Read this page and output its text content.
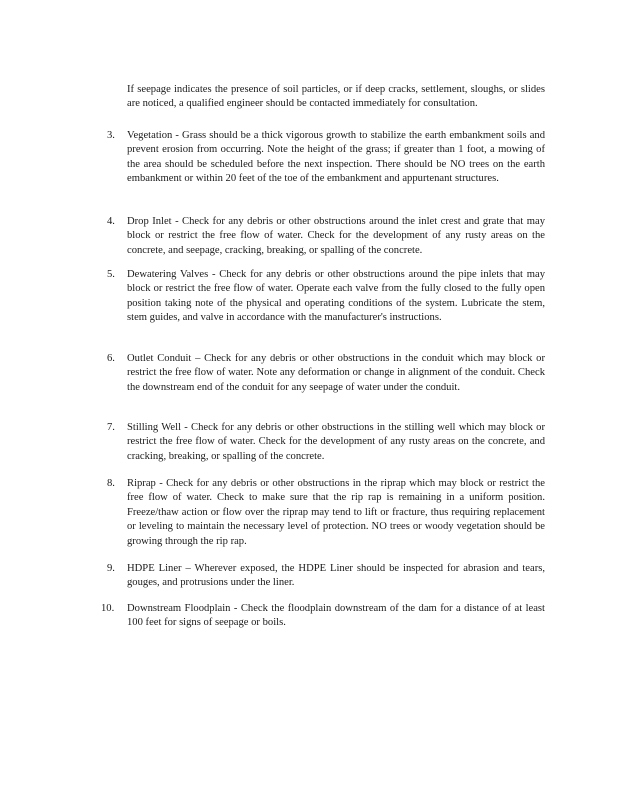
If seepage indicates the presence of soil particles, or if deep cracks, settlement, sloughs, or slides are noticed, a qualified engineer should be contacted immediately for consultation.

3.	Vegetation - Grass should be a thick vigorous growth to stabilize the earth embankment soils and prevent erosion from occurring. Note the height of the grass; if greater than 1 foot, a mowing of the area should be scheduled before the next inspection. There should be NO trees on the earth embankment or within 20 feet of the toe of the embankment and appurtenant structures.
4.	Drop Inlet - Check for any debris or other obstructions around the inlet crest and grate that may block or restrict the free flow of water. Check for the development of any rusty areas on the concrete, and seepage, cracking, breaking, or spalling of the concrete.
5.	Dewatering Valves - Check for any debris or other obstructions around the pipe inlets that may block or restrict the free flow of water. Operate each valve from the fully closed to the fully open position taking note of the physical and operating conditions of the system. Lubricate the stem, stem guides, and valve in accordance with the manufacturer's instructions.
6.	Outlet Conduit – Check for any debris or other obstructions in the conduit which may block or restrict the free flow of water. Note any deformation or change in alignment of the conduit. Check the downstream end of the conduit for any seepage of water under the conduit.
7.	Stilling Well - Check for any debris or other obstructions in the stilling well which may block or restrict the free flow of water. Check for the development of any rusty areas on the concrete, and cracking, breaking, or spalling of the concrete.
8.	Riprap - Check for any debris or other obstructions in the riprap which may block or restrict the free flow of water. Check to make sure that the rip rap is remaining in a uniform position. Freeze/thaw action or flow over the riprap may tend to lift or fracture, thus requiring replacement or leveling to maintain the necessary level of protection. NO trees or woody vegetation should be growing through the rip rap.
9.	HDPE Liner – Wherever exposed, the HDPE Liner should be inspected for abrasion and tears, gouges, and protrusions under the liner.
10.	Downstream Floodplain - Check the floodplain downstream of the dam for a distance of at least 100 feet for signs of seepage or boils.
